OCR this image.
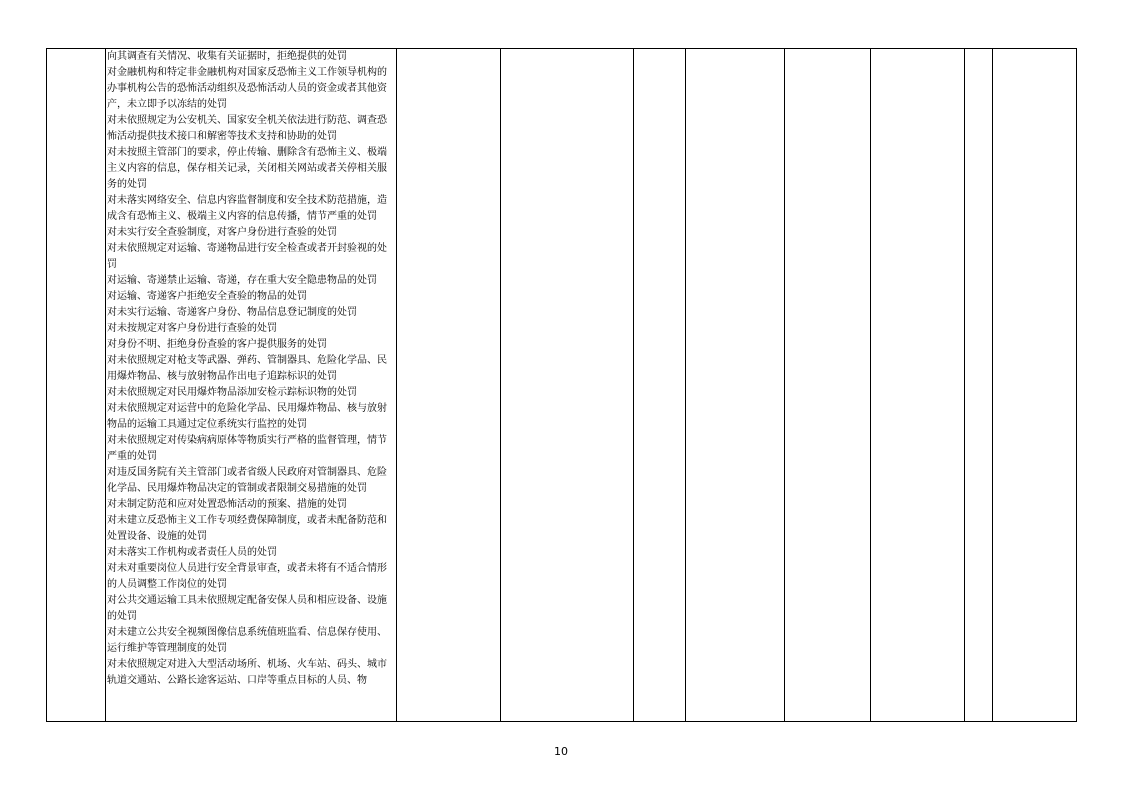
向其调查有关情况、收集有关证据时，拒绝提供的处罚
对金融机构和特定非金融机构对国家反恐怖主义工作领导机构的办事机构公告的恐怖活动组织及恐怖活动人员的资金或者其他资产，未立即予以冻结的处罚
对未依照规定为公安机关、国家安全机关依法进行防范、调查恐怖活动提供技术接口和解密等技术支持和协助的处罚
对未按照主管部门的要求，停止传输、删除含有恐怖主义、极端主义内容的信息，保存相关记录，关闭相关网站或者关停相关服务的处罚
对未落实网络安全、信息内容监督制度和安全技术防范措施，造成含有恐怖主义、极端主义内容的信息传播，情节严重的处罚
对未实行安全查验制度，对客户身份进行查验的处罚
对未依照规定对运输、寄递物品进行安全检查或者开封验视的处罚
对运输、寄递禁止运输、寄递，存在重大安全隐患物品的处罚
对运输、寄递客户拒绝安全查验的物品的处罚
对未实行运输、寄递客户身份、物品信息登记制度的处罚
对未按规定对客户身份进行查验的处罚
对身份不明、拒绝身份查验的客户提供服务的处罚
对未依照规定对枪支等武器、弹药、管制器具、危险化学品、民用爆炸物品、核与放射物品作出电子追踪标识的处罚
对未依照规定对民用爆炸物品添加安检示踪标识物的处罚
对未依照规定对运营中的危险化学品、民用爆炸物品、核与放射物品的运输工具通过定位系统实行监控的处罚
对未依照规定对传染病病原体等物质实行严格的监督管理，情节严重的处罚
对违反国务院有关主管部门或者省级人民政府对管制器具、危险化学品、民用爆炸物品决定的管制或者限制交易措施的处罚
对未制定防范和应对处置恐怖活动的预案、措施的处罚
对未建立反恐怖主义工作专项经费保障制度，或者未配备防范和处置设备、设施的处罚
对未落实工作机构或者责任人员的处罚
对未对重要岗位人员进行安全背景审查，或者未将有不适合情形的人员调整工作岗位的处罚
对公共交通运输工具未依照规定配备安保人员和相应设备、设施的处罚
对未建立公共安全视频图像信息系统值班监看、信息保存使用、运行维护等管理制度的处罚
对未依照规定对进入大型活动场所、机场、火车站、码头、城市轨道交通站、公路长途客运站、口岸等重点目标的人员、物

10
